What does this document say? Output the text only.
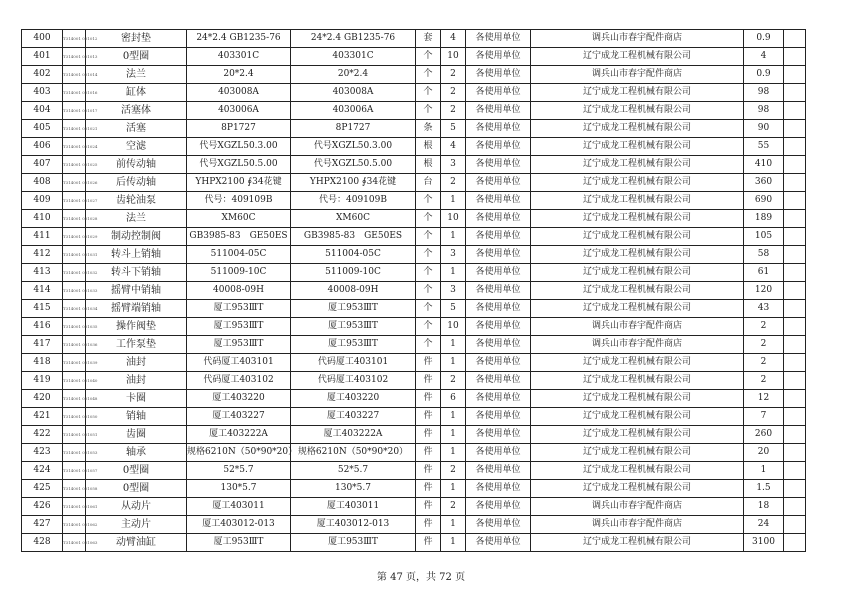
400	T314001 001012	密封垫	24*2.4 GB1235-76	24*2.4 GB1235-76	套	4	各使用单位	调兵山市春宇配件商店	0.9	
401	T314001 001013	0型圈	403301C	403301C	个	10	各使用单位	辽宁成龙工程机械有限公司	4	
402	T314001 001014	法兰	20*2.4	20*2.4	个	2	各使用单位	调兵山市春宇配件商店	0.9	
403	T314001 001016	缸体	403008A	403008A	个	2	各使用单位	辽宁成龙工程机械有限公司	98	
404	T314001 001017	活塞体	403006A	403006A	个	2	各使用单位	辽宁成龙工程机械有限公司	98	
405	T314001 001021	活塞	8P1727	8P1727	条	5	各使用单位	辽宁成龙工程机械有限公司	90	
406	T314001 001024	空滤	代号XGZL50.3.00	代号XGZL50.3.00	根	4	各使用单位	辽宁成龙工程机械有限公司	55	
407	T314001 001025	前传动轴	代号XGZL50.5.00	代号XGZL50.5.00	根	3	各使用单位	辽宁成龙工程机械有限公司	410	
408	T314001 001026	后传动轴	YHPX2100 ∮34花键	YHPX2100 ∮34花键	台	2	各使用单位	辽宁成龙工程机械有限公司	360	
409	T314001 001027	齿轮油泵	代号：409109B	代号：409109B	个	1	各使用单位	辽宁成龙工程机械有限公司	690	
410	T314001 001028	法兰	XM60C	XM60C	个	10	各使用单位	辽宁成龙工程机械有限公司	189	
411	T314001 001029	制动控制阀	GB3985-83　GE50ES	GB3985-83　GE50ES	个	1	各使用单位	辽宁成龙工程机械有限公司	105	
412	T314001 001031	转斗上销轴	511004-05C	511004-05C	个	3	各使用单位	辽宁成龙工程机械有限公司	58	
413	T314001 001032	转斗下销轴	511009-10C	511009-10C	个	1	各使用单位	辽宁成龙工程机械有限公司	61	
414	T314001 001033	摇臂中销轴	40008-09H	40008-09H	个	3	各使用单位	辽宁成龙工程机械有限公司	120	
415	T314001 001034	摇臂端销轴	厦工953ⅢT	厦工953ⅢT	个	5	各使用单位	辽宁成龙工程机械有限公司	43	
416	T314001 001035	操作阀垫	厦工953ⅢT	厦工953ⅢT	个	10	各使用单位	调兵山市春宇配件商店	2	
417	T314001 001036	工作泵垫	厦工953ⅢT	厦工953ⅢT	个	1	各使用单位	调兵山市春宇配件商店	2	
418	T314001 001039	油封	代码厦工403101	代码厦工403101	件	1	各使用单位	辽宁成龙工程机械有限公司	2	
419	T314001 001040	油封	代码厦工403102	代码厦工403102	件	2	各使用单位	辽宁成龙工程机械有限公司	2	
420	T314001 001048	卡圈	厦工403220	厦工403220	件	6	各使用单位	辽宁成龙工程机械有限公司	12	
421	T314001 001050	销轴	厦工403227	厦工403227	件	1	各使用单位	辽宁成龙工程机械有限公司	7	
422	T314001 001051	齿圈	厦工403222A	厦工403222A	件	1	各使用单位	辽宁成龙工程机械有限公司	260	
423	T314001 001053	轴承	规格6210N（50*90*20）	规格6210N（50*90*20）	件	1	各使用单位	辽宁成龙工程机械有限公司	20	
424	T314001 001057	0型圈	52*5.7	52*5.7	件	2	各使用单位	辽宁成龙工程机械有限公司	1	
425	T314001 001058	0型圈	130*5.7	130*5.7	件	1	各使用单位	辽宁成龙工程机械有限公司	1.5	
426	T314001 001061	从动片	厦工403011	厦工403011	件	2	各使用单位	调兵山市春宇配件商店	18	
427	T314001 001062	主动片	厦工403012-013	厦工403012-013	件	1	各使用单位	调兵山市春宇配件商店	24	
428	T314001 001063	动臂油缸	厦工953ⅢT	厦工953ⅢT	件	1	各使用单位	辽宁成龙工程机械有限公司	3100	
第 47 页，共 72 页
